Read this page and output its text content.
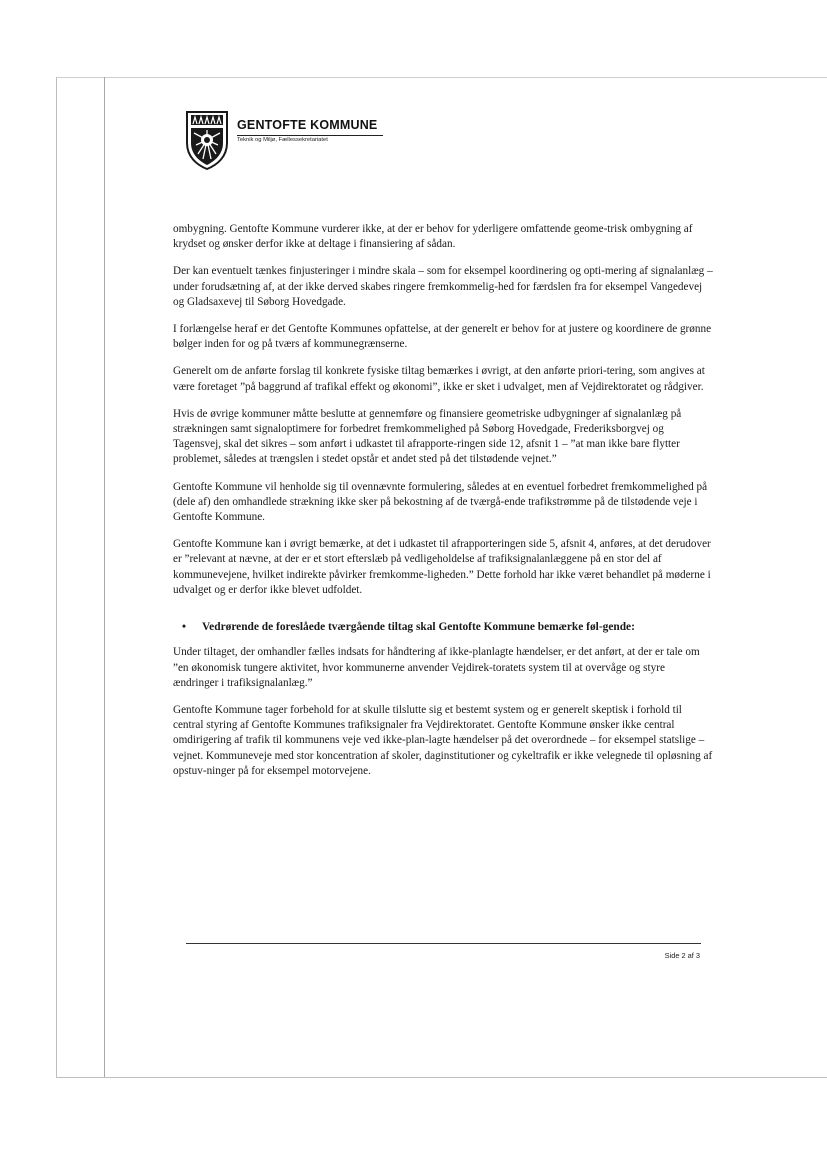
GENTOFTE KOMMUNE
Teknik og Miljø, Fællessekretariatet

ombygning. Gentofte Kommune vurderer ikke, at der er behov for yderligere omfattende geome-trisk ombygning af krydset og ønsker derfor ikke at deltage i finansiering af sådan.

Der kan eventuelt tænkes finjusteringer i mindre skala – som for eksempel koordinering og opti-mering af signalanlæg – under forudsætning af, at der ikke derved skabes ringere fremkommelig-hed for færdslen fra for eksempel Vangedevej og Gladsaxevej til Søborg Hovedgade.

I forlængelse heraf er det Gentofte Kommunes opfattelse, at der generelt er behov for at justere og koordinere de grønne bølger inden for og på tværs af kommunegrænserne.

Generelt om de anførte forslag til konkrete fysiske tiltag bemærkes i øvrigt, at den anførte priori-tering, som angives at være foretaget ”på baggrund af trafikal effekt og økonomi”, ikke er sket i udvalget, men af Vejdirektoratet og rådgiver.

Hvis de øvrige kommuner måtte beslutte at gennemføre og finansiere geometriske udbygninger af signalanlæg på strækningen samt signaloptimere for forbedret fremkommelighed på Søborg Hovedgade, Frederiksborgvej og Tagensvej, skal det sikres – som anført i udkastet til afrapporte-ringen side 12, afsnit 1 – ”at man ikke bare flytter problemet, således at trængslen i stedet opstår et andet sted på det tilstødende vejnet.”

Gentofte Kommune vil henholde sig til ovennævnte formulering, således at en eventuel forbedret fremkommelighed på (dele af) den omhandlede strækning ikke sker på bekostning af de tværgå-ende trafikstrømme på de tilstødende veje i Gentofte Kommune.

Gentofte Kommune kan i øvrigt bemærke, at det i udkastet til afrapporteringen side 5, afsnit 4, anføres, at det derudover er ”relevant at nævne, at der er et stort efterslæb på vedligeholdelse af trafiksignalanlæggene på en stor del af kommunevejene, hvilket indirekte påvirker fremkomme-ligheden.” Dette forhold har ikke været behandlet på møderne i udvalget og er derfor ikke blevet udfoldet.

•	Vedrørende de foreslåede tværgående tiltag skal Gentofte Kommune bemærke føl-gende:

Under tiltaget, der omhandler fælles indsats for håndtering af ikke-planlagte hændelser, er det anført, at der er tale om ”en økonomisk tungere aktivitet, hvor kommunerne anvender Vejdirek-toratets system til at overvåge og styre ændringer i trafiksignalanlæg.”

Gentofte Kommune tager forbehold for at skulle tilslutte sig et bestemt system og er generelt skeptisk i forhold til central styring af Gentofte Kommunes trafiksignaler fra Vejdirektoratet. Gentofte Kommune ønsker ikke central omdirigering af trafik til kommunens veje ved ikke-plan-lagte hændelser på det overordnede – for eksempel statslige – vejnet. Kommuneveje med stor koncentration af skoler, daginstitutioner og cykeltrafik er ikke velegnede til opløsning af opstuv-ninger på for eksempel motorvejene.

Side 2 af 3
